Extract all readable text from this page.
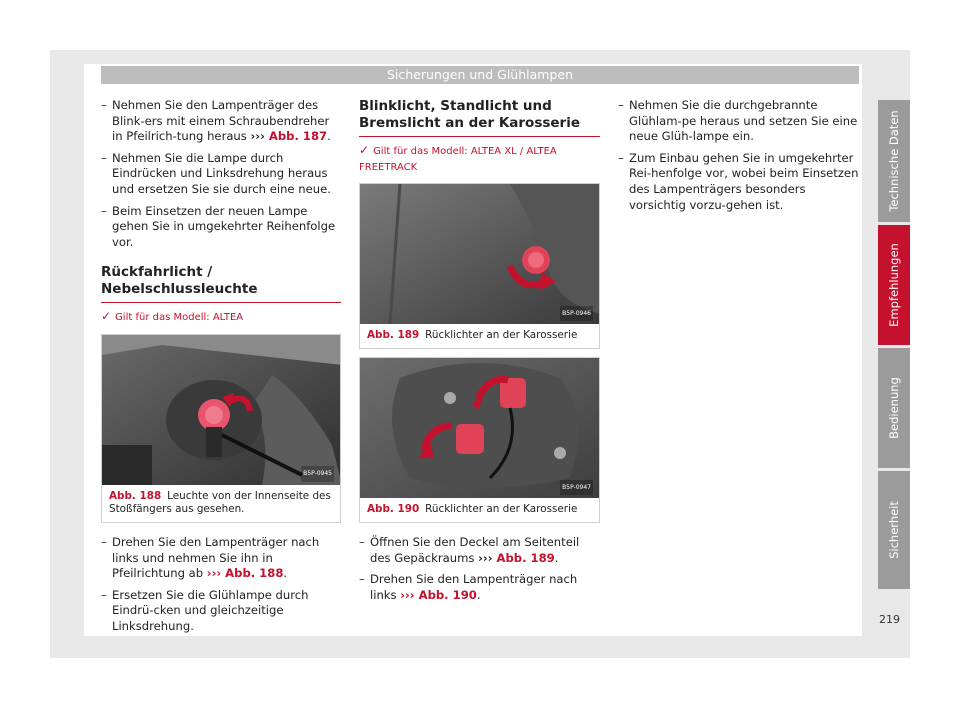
Sicherungen und Glühlampen
– Nehmen Sie den Lampenträger des Blink-ers mit einem Schraubendreher in Pfeilrich-tung heraus ››› Abb. 187.
– Nehmen Sie die Lampe durch Eindrücken und Linksdrehung heraus und ersetzen Sie sie durch eine neue.
– Beim Einsetzen der neuen Lampe gehen Sie in umgekehrter Reihenfolge vor.
Rückfahrlicht / Nebelschlussleuchte
✓ Gilt für das Modell: ALTEA
B5P-0945
Abb. 188 Leuchte von der Innenseite des Stoßfängers aus gesehen.
– Drehen Sie den Lampenträger nach links und nehmen Sie ihn in Pfeilrichtung ab ››› Abb. 188.
– Ersetzen Sie die Glühlampe durch Eindrü-cken und gleichzeitige Linksdrehung.
Blinklicht, Standlicht und Bremslicht an der Karosserie
✓ Gilt für das Modell: ALTEA XL / ALTEA FREETRACK
B5P-0946
Abb. 189 Rücklichter an der Karosserie
B5P-0947
Abb. 190 Rücklichter an der Karosserie
– Öffnen Sie den Deckel am Seitenteil des Gepäckraums ››› Abb. 189.
– Drehen Sie den Lampenträger nach links ››› Abb. 190.
– Nehmen Sie die durchgebrannte Glühlam-pe heraus und setzen Sie eine neue Glüh-lampe ein.
– Zum Einbau gehen Sie in umgekehrter Rei-henfolge vor, wobei beim Einsetzen des Lampenträgers besonders vorsichtig vorzu-gehen ist.	Technische Daten
Empfehlungen
Bedienung
Sicherheit
219
